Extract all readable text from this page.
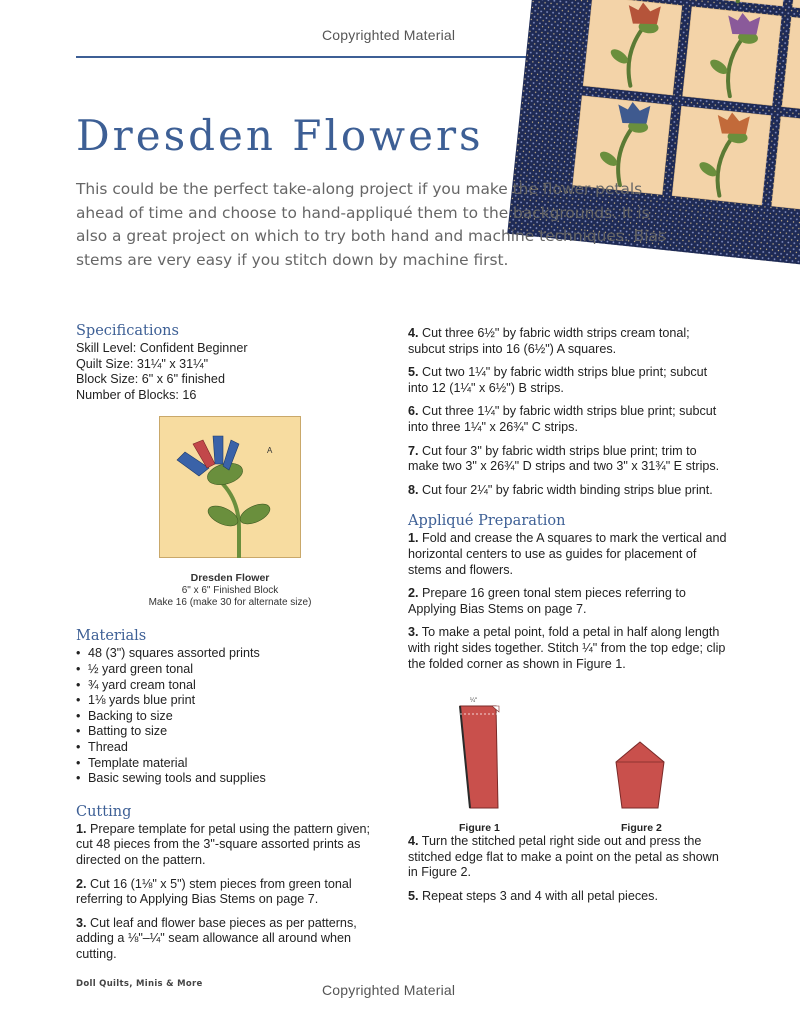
Copyrighted Material
Dresden Flowers

This could be the perfect take-along project if you make the flower petals ahead of time and choose to hand-appliqué them to the backgrounds. It is also a great project on which to try both hand and machine techniques. Bias stems are very easy if you stitch down by machine first.

Specifications

Skill Level: Confident Beginner

Quilt Size: 31¼" x 31¼"

Block Size: 6" x 6" finished

Number of Blocks: 16

Materials
• 48 (3") squares assorted prints
• ½ yard green tonal
• ¾ yard cream tonal
• 1⅛ yards blue print
• Backing to size
• Batting to size
• Thread
• Template material
• Basic sewing tools and supplies
Cutting

1. Prepare template for petal using the pattern given; cut 48 pieces from the 3"-square assorted prints as directed on the pattern.

2. Cut 16 (1⅛" x 5") stem pieces from green tonal referring to Applying Bias Stems on page 7.

3. Cut leaf and flower base pieces as per patterns, adding a ⅛"–¼" seam allowance all around when cutting.

A
Dresden Flower
6" x 6" Finished Block
Make 16 (make 30 for alternate size)

4. Cut three 6½" by fabric width strips cream tonal; subcut strips into 16 (6½") A squares.

5. Cut two 1¼" by fabric width strips blue print; subcut into 12 (1¼" x 6½") B strips.

6. Cut three 1¼" by fabric width strips blue print; subcut into three 1¼" x 26¾" C strips.

7. Cut four 3" by fabric width strips blue print; trim to make two 3" x 26¾" D strips and two 3" x 31¾" E strips.

8. Cut four 2¼" by fabric width binding strips blue print.

Appliqué Preparation

1. Fold and crease the A squares to mark the vertical and horizontal centers to use as guides for placement of stems and flowers.

2. Prepare 16 green tonal stem pieces referring to Applying Bias Stems on page 7.

3. To make a petal point, fold a petal in half along length with right sides together. Stitch ¼" from the top edge; clip the folded corner as shown in Figure 1.

4. Turn the stitched petal right side out and press the stitched edge flat to make a point on the petal as shown in Figure 2.

5. Repeat steps 3 and 4 with all petal pieces.

¼"
Figure 1	Figure 2
Doll Quilts, Minis & More	Copyrighted Material
